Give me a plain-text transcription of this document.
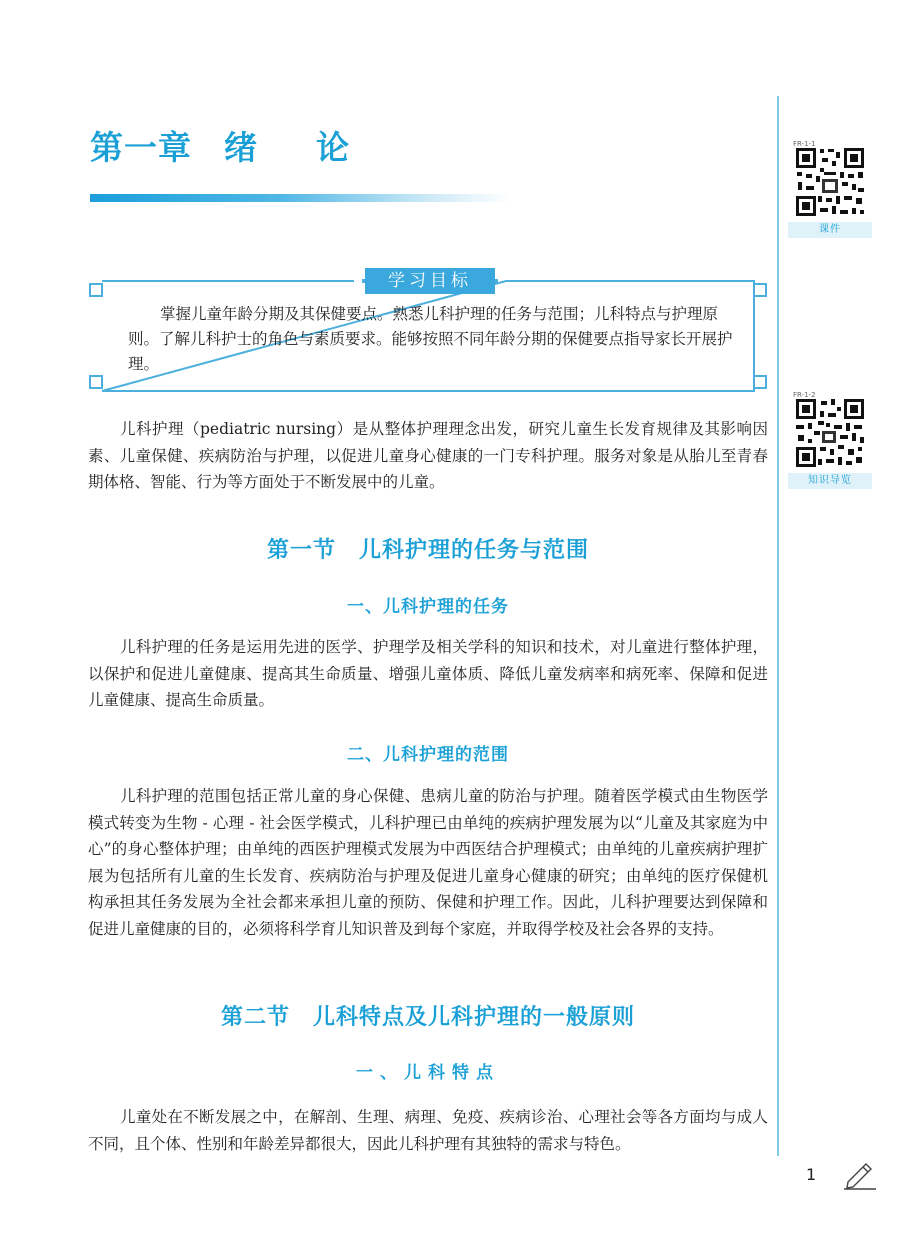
第一章 绪 论	FR-1-1
课件
FR-1-2
知识导览
学习目标

掌握儿童年龄分期及其保健要点。熟悉儿科护理的任务与范围；儿科特点与护理原则。了解儿科护士的角色与素质要求。能够按照不同年龄分期的保健要点指导家长开展护理。

儿科护理（pediatric nursing）是从整体护理理念出发，研究儿童生长发育规律及其影响因素、儿童保健、疾病防治与护理，以促进儿童身心健康的一门专科护理。服务对象是从胎儿至青春期体格、智能、行为等方面处于不断发展中的儿童。

第一节　儿科护理的任务与范围
一、儿科护理的任务

儿科护理的任务是运用先进的医学、护理学及相关学科的知识和技术，对儿童进行整体护理，以保护和促进儿童健康、提高其生命质量、增强儿童体质、降低儿童发病率和病死率、保障和促进儿童健康、提高生命质量。

二、儿科护理的范围

儿科护理的范围包括正常儿童的身心保健、患病儿童的防治与护理。随着医学模式由生物医学模式转变为生物 - 心理 - 社会医学模式，儿科护理已由单纯的疾病护理发展为以“儿童及其家庭为中心”的身心整体护理；由单纯的西医护理模式发展为中西医结合护理模式；由单纯的儿童疾病护理扩展为包括所有儿童的生长发育、疾病防治与护理及促进儿童身心健康的研究；由单纯的医疗保健机构承担其任务发展为全社会都来承担儿童的预防、保健和护理工作。因此，儿科护理要达到保障和促进儿童健康的目的，必须将科学育儿知识普及到每个家庭，并取得学校及社会各界的支持。

第二节　儿科特点及儿科护理的一般原则
一、儿科特点

儿童处在不断发展之中，在解剖、生理、病理、免疫、疾病诊治、心理社会等各方面均与成人不同，且个体、性别和年龄差异都很大，因此儿科护理有其独特的需求与特色。

1
